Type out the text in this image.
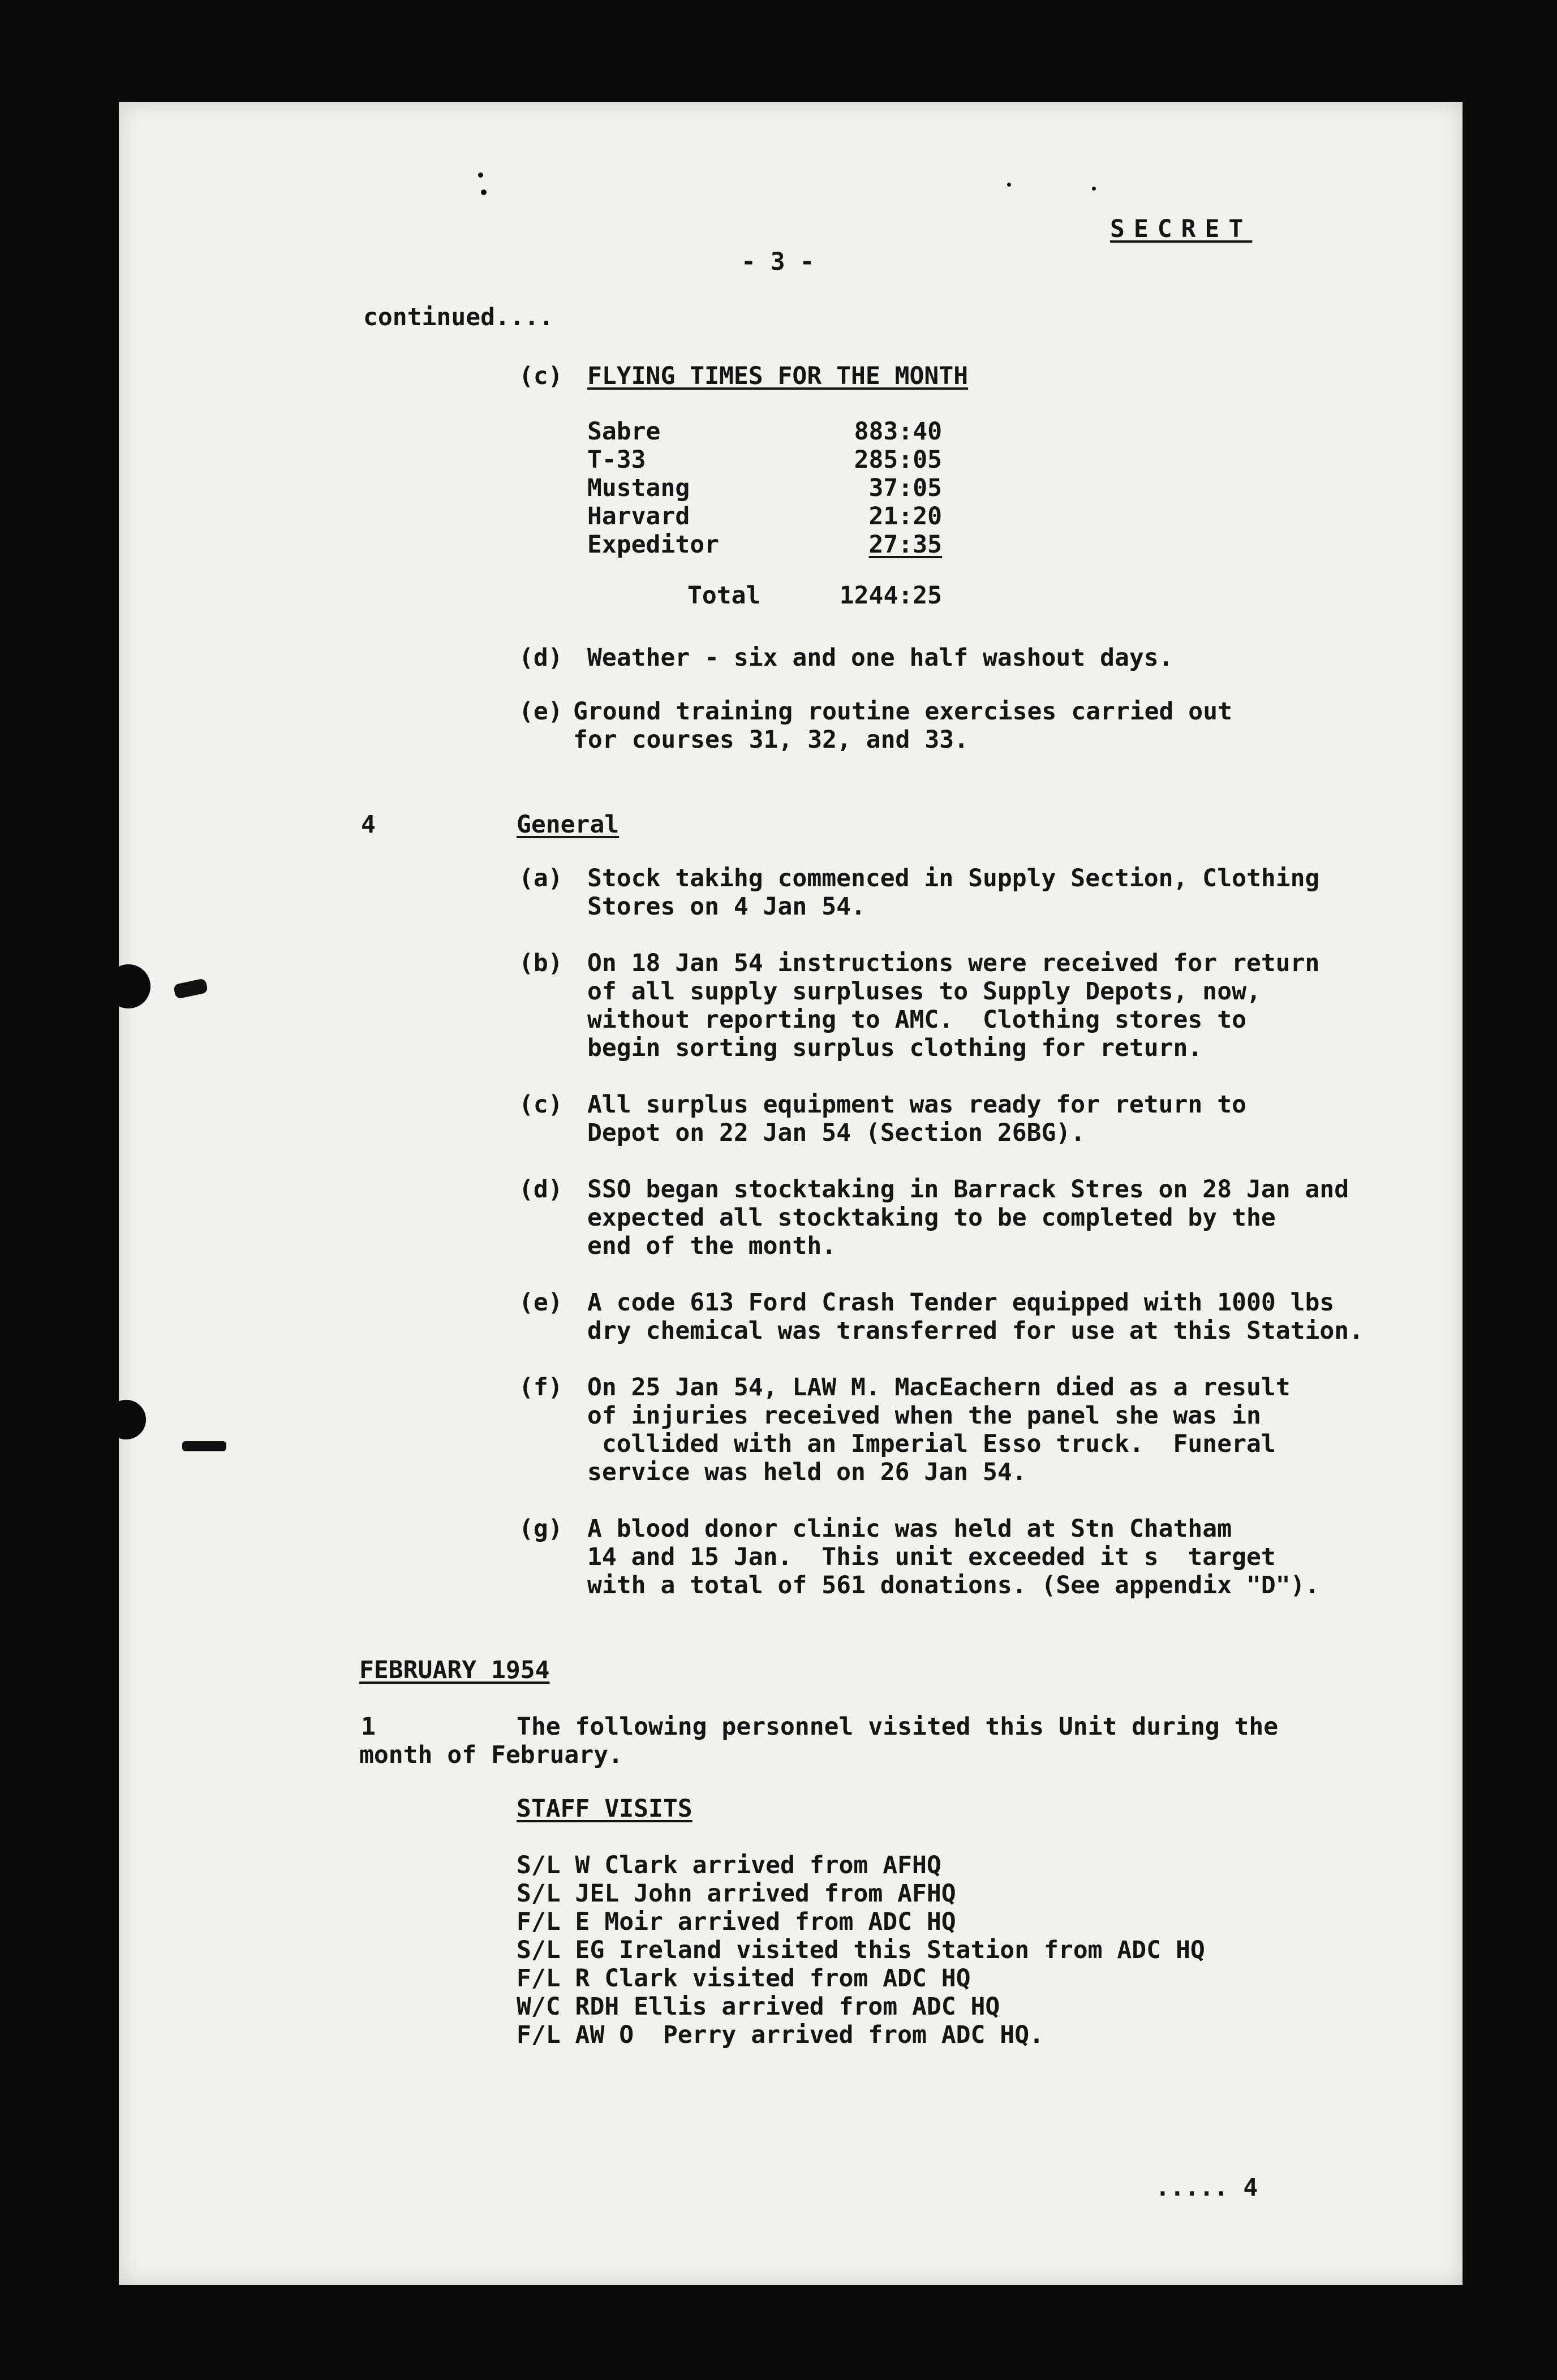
SECRET
- 3 -
continued....
(c) FLYING TIMES FOR THE MONTH
Sabre	883:40
T-33	285:05
Mustang	37:05
Harvard	21:20
Expeditor	27:35
Total	1244:25
(d) Weather - six and one half washout days.
(e) Ground training routine exercises carried out
for courses 31, 32, and 33.
4	General
(a) Stock takihg commenced in Supply Section, Clothing
Stores on 4 Jan 54.
(b) On 18 Jan 54 instructions were received for return
of all supply surpluses to Supply Depots, now,
without reporting to AMC.  Clothing stores to
begin sorting surplus clothing for return.
(c) All surplus equipment was ready for return to
Depot on 22 Jan 54 (Section 26BG).
(d) SSO began stocktaking in Barrack Stres on 28 Jan and
expected all stocktaking to be completed by the
end of the month.
(e) A code 613 Ford Crash Tender equipped with 1000 lbs
dry chemical was transferred for use at this Station.
(f) On 25 Jan 54, LAW M. MacEachern died as a result
of injuries received when the panel she was in
collided with an Imperial Esso truck.  Funeral
service was held on 26 Jan 54.
(g) A blood donor clinic was held at Stn Chatham
14 and 15 Jan.  This unit exceeded it s  target
with a total of 561 donations. (See appendix "D").
FEBRUARY 1954
1	The following personnel visited this Unit during the
month of February.
STAFF VISITS
S/L W Clark arrived from AFHQ
S/L JEL John arrived from AFHQ
F/L E Moir arrived from ADC HQ
S/L EG Ireland visited this Station from ADC HQ
F/L R Clark visited from ADC HQ
W/C RDH Ellis arrived from ADC HQ
F/L AW O  Perry arrived from ADC HQ.
..... 4
